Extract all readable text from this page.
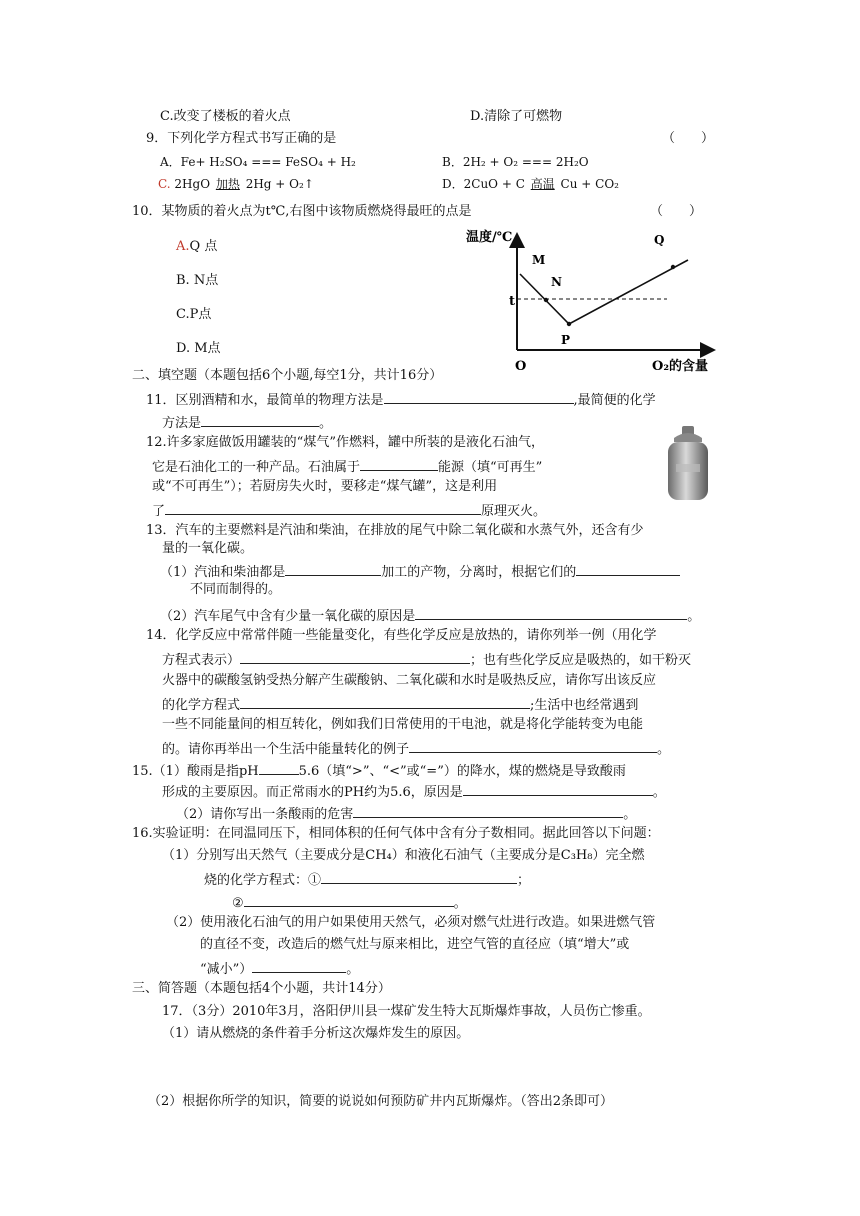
C.改变了楼板的着火点	D.清除了可燃物
9．下列化学方程式书写正确的是	（　　）
A．Fe+ H₂SO₄ === FeSO₄ + H₂	B．2H₂ + O₂ === 2H₂O
C. 2HgO 加热 2Hg + O₂↑	D．2CuO + C 高温 Cu + CO₂
10．某物质的着火点为t℃,右图中该物质燃烧得最旺的点是	（　　）
A.Q 点
B. N点
C.P点
D. M点
温度/℃
O₂的含量
O
t
M
N
P
Q
二、填空题（本题包括6个小题,每空1分，共计16分）
11．区别酒精和水，最简单的物理方法是	,最简便的化学
方法是	。
12.许多家庭做饭用罐装的“煤气”作燃料，罐中所装的是液化石油气，
它是石油化工的一种产品。石油属于	能源（填“可再生”
或“不可再生”）；若厨房失火时，要移走“煤气罐”，这是利用
了	原理灭火。
13．汽车的主要燃料是汽油和柴油，在排放的尾气中除二氧化碳和水蒸气外，还含有少
量的一氧化碳。
（1）汽油和柴油都是	加工的产物，分离时，根据它们的
不同而制得的。
（2）汽车尾气中含有少量一氧化碳的原因是	。
14．化学反应中常常伴随一些能量变化，有些化学反应是放热的，请你列举一例（用化学
方程式表示）	；也有些化学反应是吸热的，如干粉灭
火器中的碳酸氢钠受热分解产生碳酸钠、二氧化碳和水时是吸热反应，请你写出该反应
的化学方程式	;生活中也经常遇到
一些不同能量间的相互转化，例如我们日常使用的干电池，就是将化学能转变为电能
的。请你再举出一个生活中能量转化的例子	。
15.（1）酸雨是指pH	5.6（填“>”、“<”或“=”）的降水，煤的燃烧是导致酸雨
形成的主要原因。而正常雨水的PH约为5.6，原因是	。
（2）请你写出一条酸雨的危害	。
16.实验证明：在同温同压下，相同体积的任何气体中含有分子数相同。据此回答以下问题：
（1）分别写出天然气（主要成分是CH₄）和液化石油气（主要成分是C₃H₈）完全燃
烧的化学方程式：①	；
②	。
（2）使用液化石油气的用户如果使用天然气，必须对燃气灶进行改造。如果进燃气管
的直径不变，改造后的燃气灶与原来相比，进空气管的直径应（填“增大”或
“减小”）	。
三、简答题（本题包括4个小题，共计14分）
17．（3分）2010年3月，洛阳伊川县一煤矿发生特大瓦斯爆炸事故，人员伤亡惨重。
（1）请从燃烧的条件着手分析这次爆炸发生的原因。
（2）根据你所学的知识，简要的说说如何预防矿井内瓦斯爆炸。（答出2条即可）
